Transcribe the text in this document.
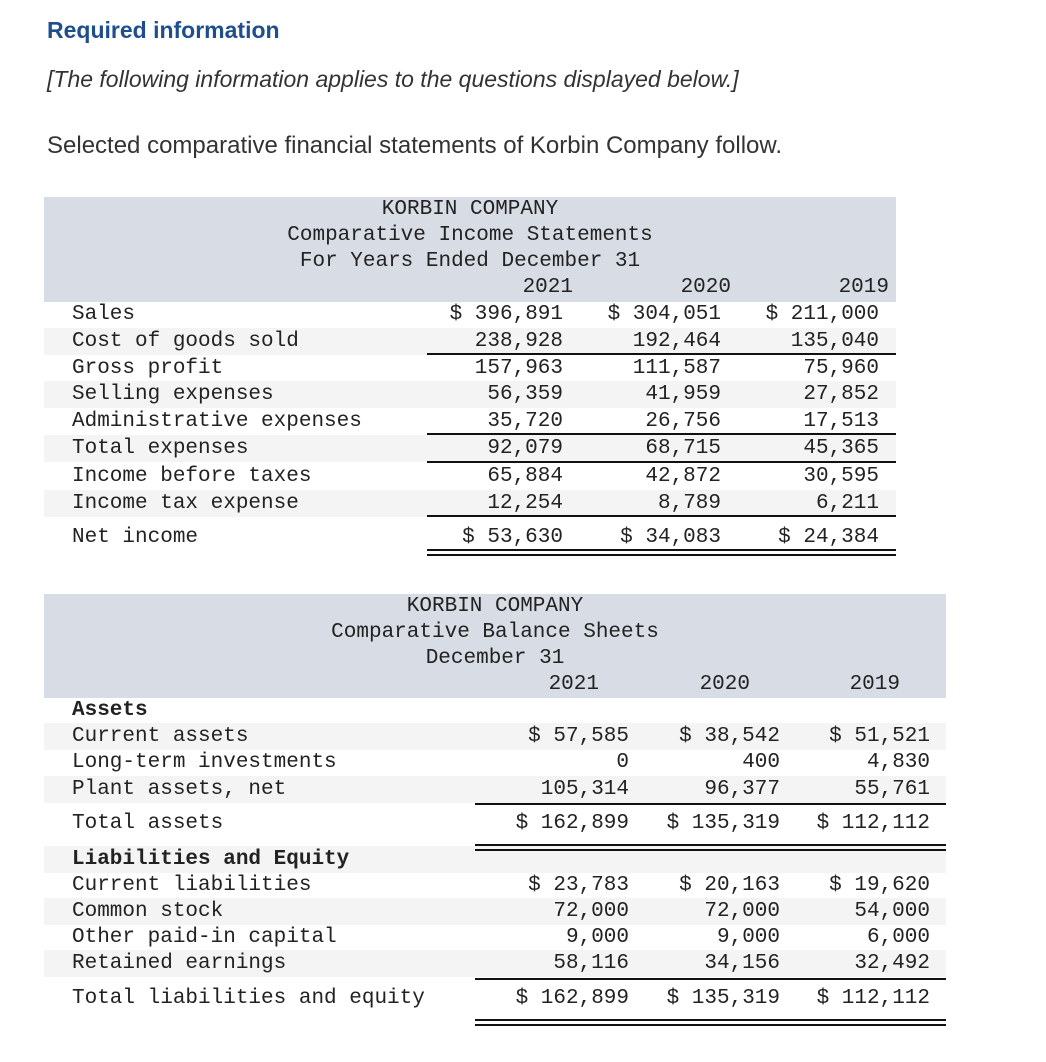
Required information
[The following information applies to the questions displayed below.]
Selected comparative financial statements of Korbin Company follow.
KORBIN COMPANY
Comparative Income Statements
For Years Ended December 31
2021	2020	2019
Sales	$ 396,891	$ 304,051	$ 211,000
Cost of goods sold	238,928	192,464	135,040
Gross profit	157,963	111,587	75,960
Selling expenses	56,359	41,959	27,852
Administrative expenses	35,720	26,756	17,513
Total expenses	92,079	68,715	45,365
Income before taxes	65,884	42,872	30,595
Income tax expense	12,254	8,789	6,211
Net income	$ 53,630	$ 34,083	$ 24,384
KORBIN COMPANY
Comparative Balance Sheets
December 31
2021	2020	2019
Assets
Current assets	$ 57,585	$ 38,542	$ 51,521
Long-term investments	0	400	4,830
Plant assets, net	105,314	96,377	55,761
Total assets	$ 162,899	$ 135,319	$ 112,112
Liabilities and Equity
Current liabilities	$ 23,783	$ 20,163	$ 19,620
Common stock	72,000	72,000	54,000
Other paid-in capital	9,000	9,000	6,000
Retained earnings	58,116	34,156	32,492
Total liabilities and equity	$ 162,899	$ 135,319	$ 112,112
